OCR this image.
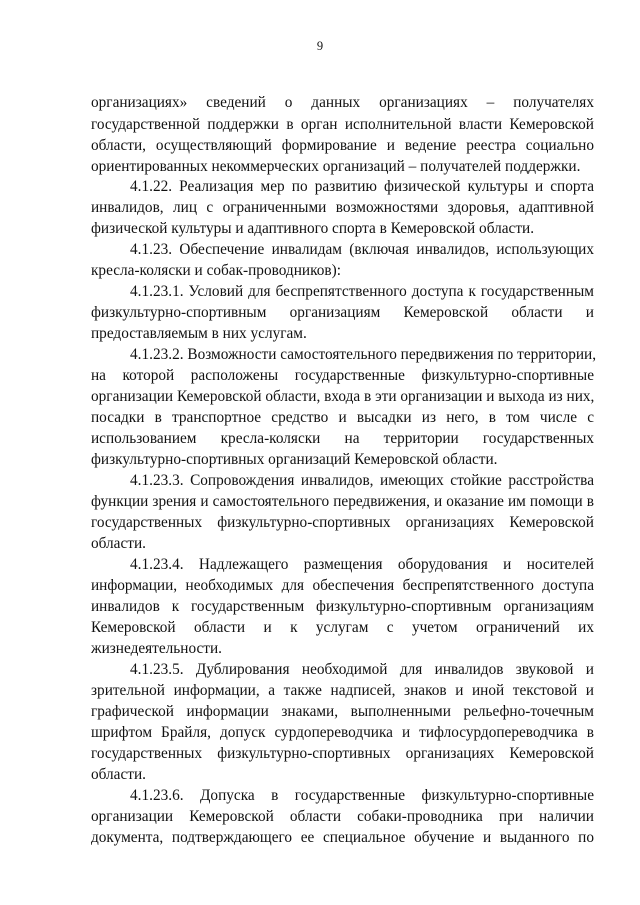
9
организациях» сведений о данных организациях – получателях
государственной поддержки в орган исполнительной власти Кемеровской
области, осуществляющий формирование и ведение реестра социально
ориентированных некоммерческих организаций – получателей поддержки.
4.1.22. Реализация мер по развитию физической культуры и спорта
инвалидов, лиц с ограниченными возможностями здоровья, адаптивной
физической культуры и адаптивного спорта в Кемеровской области.
4.1.23. Обеспечение инвалидам (включая инвалидов, использующих
кресла-коляски и собак-проводников):
4.1.23.1. Условий для беспрепятственного доступа к государственным
физкультурно-спортивным организациям Кемеровской области и
предоставляемым в них услугам.
4.1.23.2. Возможности самостоятельного передвижения по территории,
на которой расположены государственные физкультурно-спортивные
организации Кемеровской области, входа в эти организации и выхода из них,
посадки в транспортное средство и высадки из него, в том числе с
использованием кресла-коляски на территории государственных
физкультурно-спортивных организаций Кемеровской области.
4.1.23.3. Сопровождения инвалидов, имеющих стойкие расстройства
функции зрения и самостоятельного передвижения, и оказание им помощи в
государственных физкультурно-спортивных организациях Кемеровской
области.
4.1.23.4. Надлежащего размещения оборудования и носителей
информации, необходимых для обеспечения беспрепятственного доступа
инвалидов к государственным физкультурно-спортивным организациям
Кемеровской области и к услугам с учетом ограничений их
жизнедеятельности.
4.1.23.5. Дублирования необходимой для инвалидов звуковой и
зрительной информации, а также надписей, знаков и иной текстовой и
графической информации знаками, выполненными рельефно-точечным
шрифтом Брайля, допуск сурдопереводчика и тифлосурдопереводчика в
государственных физкультурно-спортивных организациях Кемеровской
области.
4.1.23.6. Допуска в государственные физкультурно-спортивные
организации Кемеровской области собаки-проводника при наличии
документа, подтверждающего ее специальное обучение и выданного по
